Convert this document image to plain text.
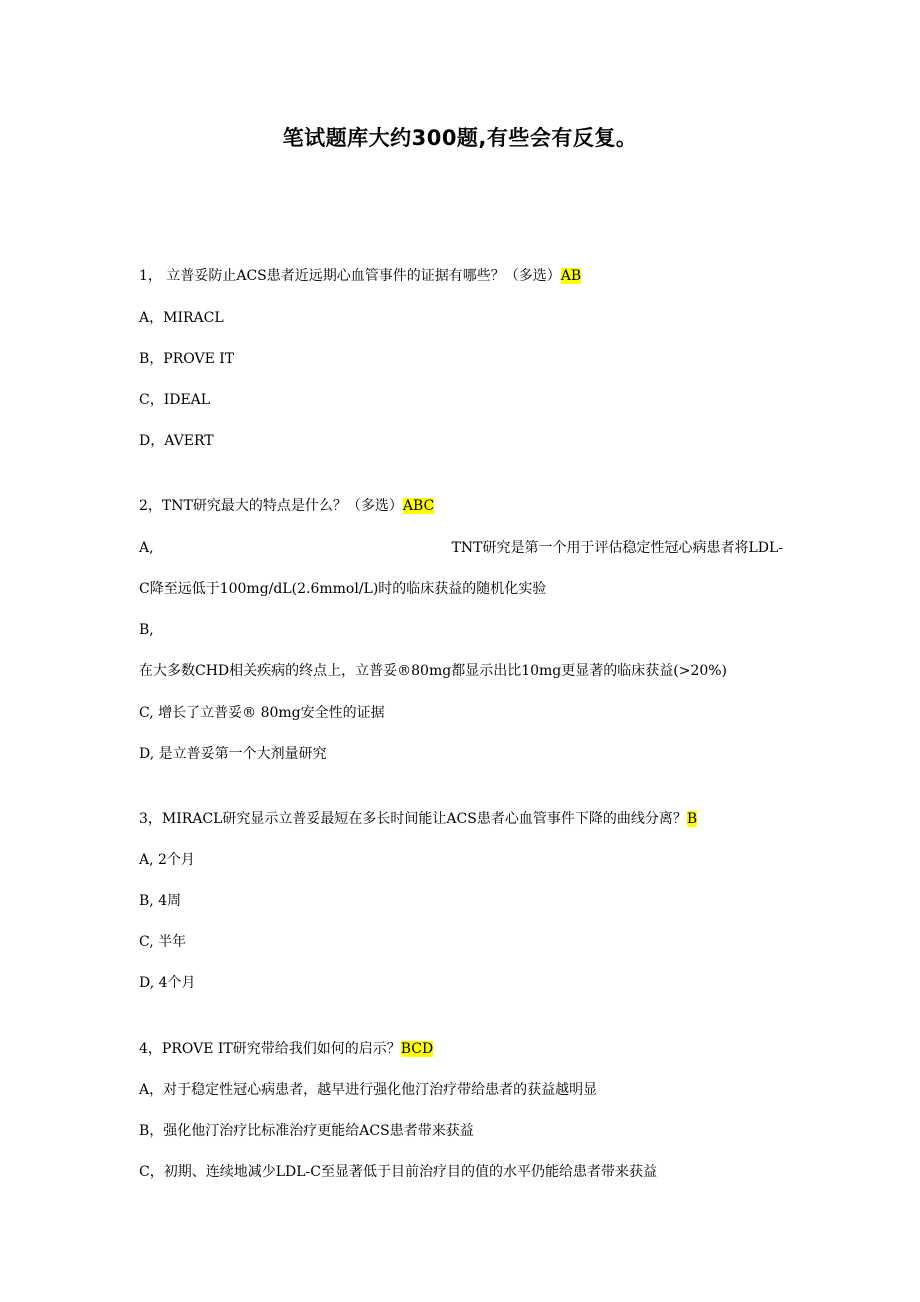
笔试题库大约300题,有些会有反复。
1， 立普妥防止ACS患者近远期心血管事件的证据有哪些？（多选）AB
A，MIRACL
B，PROVE IT
C，IDEAL
D，AVERT
2，TNT研究最大的特点是什么？（多选）ABC
A,	TNT研究是第一个用于评估稳定性冠心病患者将LDL-
C降至远低于100mg/dL(2.6mmol/L)时的临床获益的随机化实验
B,
在大多数CHD相关疾病的终点上，立普妥®80mg都显示出比10mg更显著的临床获益(>20%)
C, 增长了立普妥® 80mg安全性的证据
D, 是立普妥第一个大剂量研究
3，MIRACL研究显示立普妥最短在多长时间能让ACS患者心血管事件下降的曲线分离？B
A, 2个月
B, 4周
C, 半年
D, 4个月
4，PROVE IT研究带给我们如何的启示？BCD
A，对于稳定性冠心病患者，越早进行强化他汀治疗带给患者的获益越明显
B，强化他汀治疗比标准治疗更能给ACS患者带来获益
C，初期、连续地减少LDL-C至显著低于目前治疗目的值的水平仍能给患者带来获益
